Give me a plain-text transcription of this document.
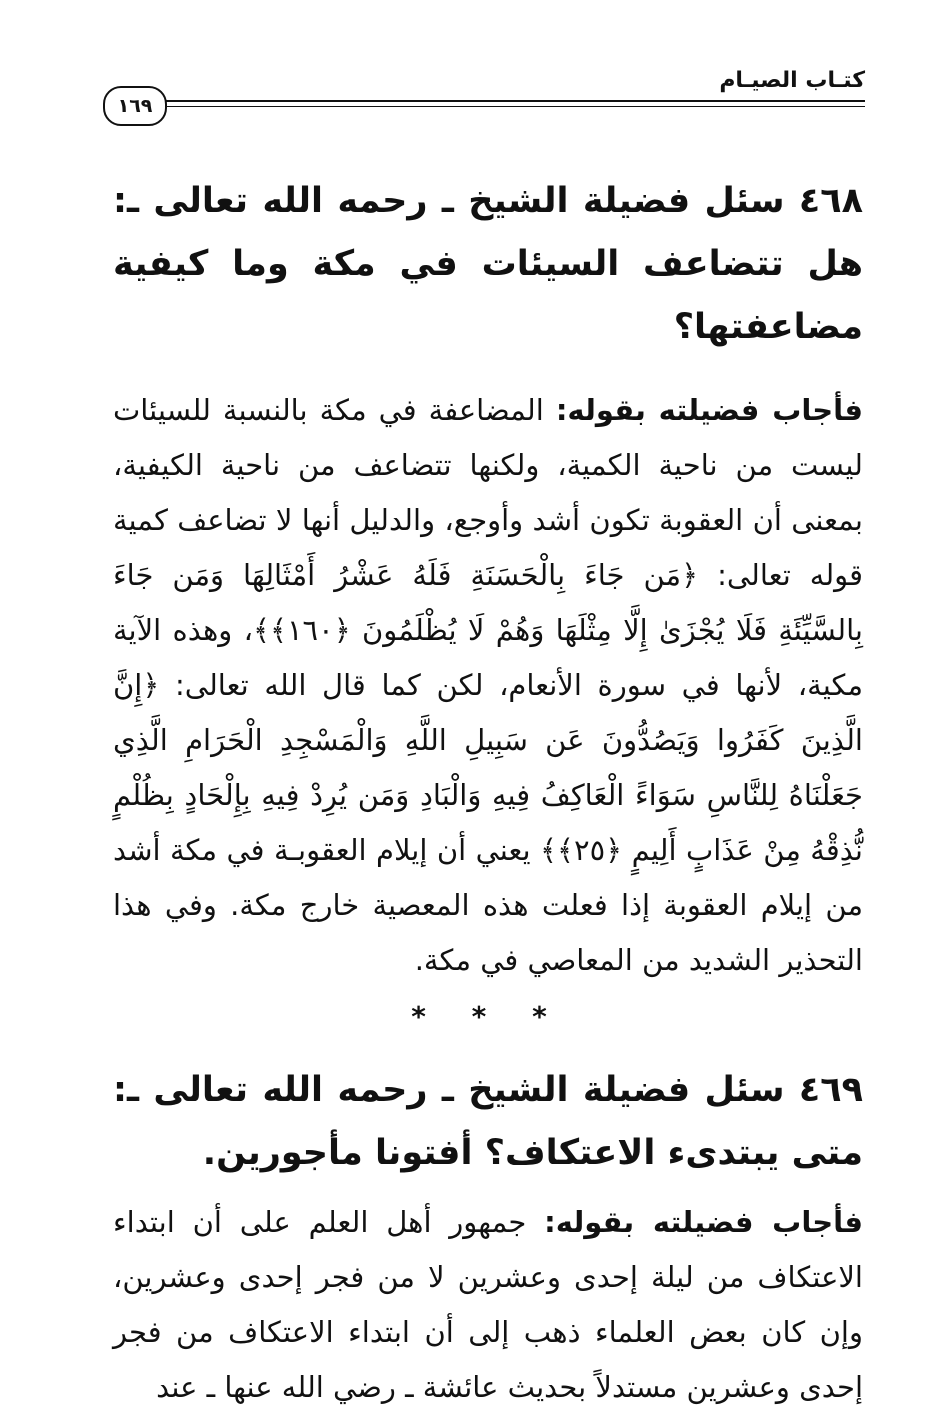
كتـاب الصيـام
١٦٩

٤٦٨ سئل فضيلة الشيخ ـ رحمه الله تعالى ـ: هل تتضاعف السيئات في مكة وما كيفية مضاعفتها؟

فأجاب فضيلته بقوله: المضاعفة في مكة بالنسبة للسيئات ليست من ناحية الكمية، ولكنها تتضاعف من ناحية الكيفية، بمعنى أن العقوبة تكون أشد وأوجع، والدليل أنها لا تضاعف كمية قوله تعالى: ﴿مَن جَاءَ بِالْحَسَنَةِ فَلَهُ عَشْرُ أَمْثَالِهَا وَمَن جَاءَ بِالسَّيِّئَةِ فَلَا يُجْزَىٰ إِلَّا مِثْلَهَا وَهُمْ لَا يُظْلَمُونَ ﴿١٦٠﴾﴾، وهذه الآية مكية، لأنها في سورة الأنعام، لكن كما قال الله تعالى: ﴿إِنَّ الَّذِينَ كَفَرُوا وَيَصُدُّونَ عَن سَبِيلِ اللَّهِ وَالْمَسْجِدِ الْحَرَامِ الَّذِي جَعَلْنَاهُ لِلنَّاسِ سَوَاءً الْعَاكِفُ فِيهِ وَالْبَادِ وَمَن يُرِدْ فِيهِ بِإِلْحَادٍ بِظُلْمٍ نُّذِقْهُ مِنْ عَذَابٍ أَلِيمٍ ﴿٢٥﴾﴾ يعني أن إيلام العقوبـة في مكة أشد من إيلام العقوبة إذا فعلت هذه المعصية خارج مكة. وفي هذا التحذير الشديد من المعاصي في مكة.

* * *

٤٦٩ سئل فضيلة الشيخ ـ رحمه الله تعالى ـ: متى يبتدىء الاعتكاف؟ أفتونا مأجورين.

فأجاب فضيلته بقوله: جمهور أهل العلم على أن ابتداء الاعتكاف من ليلة إحدى وعشرين لا من فجر إحدى وعشرين، وإن كان بعض العلماء ذهب إلى أن ابتداء الاعتكاف من فجر إحدى وعشرين مستدلاً بحديث عائشة ـ رضي الله عنها ـ عند
